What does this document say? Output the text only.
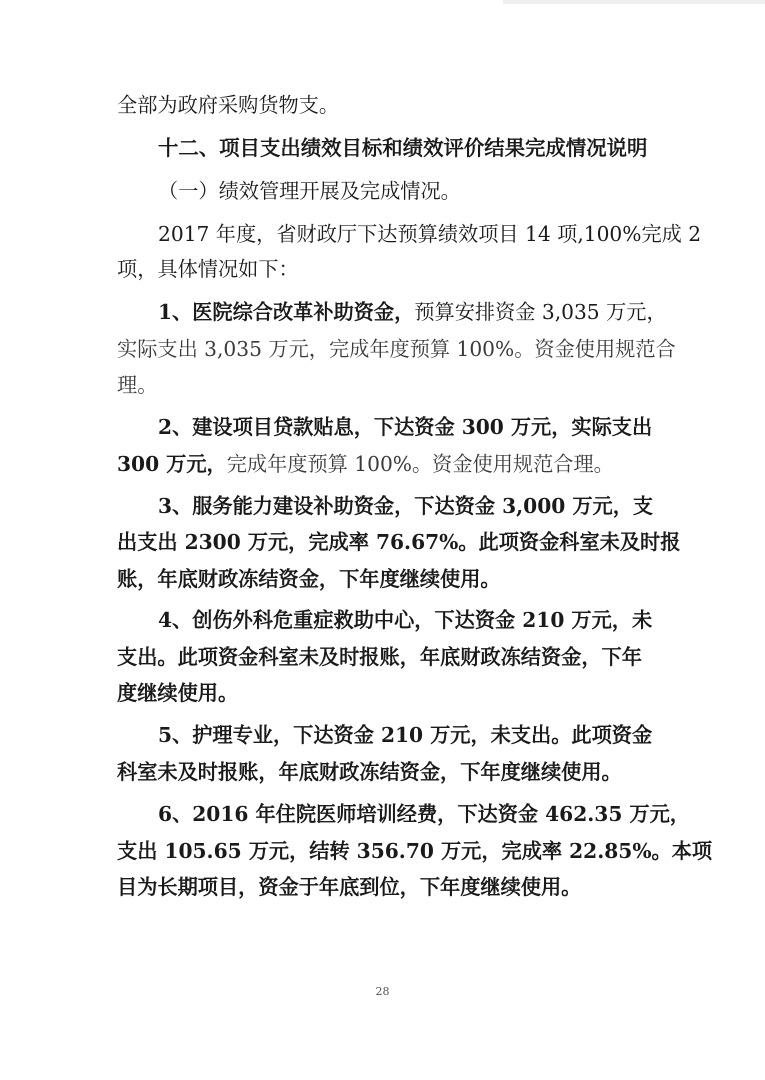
全部为政府采购货物支。
十二、项目支出绩效目标和绩效评价结果完成情况说明
（一）绩效管理开展及完成情况。
2017 年度，省财政厅下达预算绩效项目 14 项,100%完成 2
项，具体情况如下：
1、医院综合改革补助资金，预算安排资金 3,035 万元，
实际支出 3,035 万元，完成年度预算 100%。资金使用规范合
理。
2、建设项目贷款贴息，下达资金 300 万元，实际支出
300 万元，完成年度预算 100%。资金使用规范合理。
3、服务能力建设补助资金，下达资金 3,000 万元，支
出支出 2300 万元，完成率 76.67%。此项资金科室未及时报
账，年底财政冻结资金，下年度继续使用。
4、创伤外科危重症救助中心，下达资金 210 万元，未
支出。此项资金科室未及时报账，年底财政冻结资金，下年
度继续使用。
5、护理专业，下达资金 210 万元，未支出。此项资金
科室未及时报账，年底财政冻结资金，下年度继续使用。
6、2016 年住院医师培训经费，下达资金 462.35 万元，
支出 105.65 万元，结转 356.70 万元，完成率 22.85%。本项
目为长期项目，资金于年底到位，下年度继续使用。
28
